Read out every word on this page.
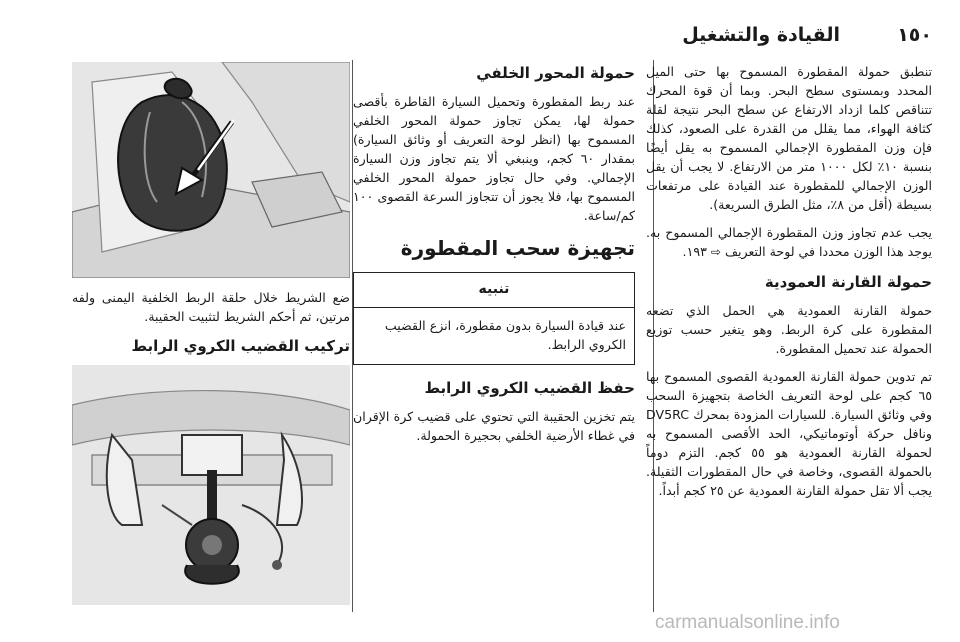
١٥٠
القيادة والتشغيل

تنطبق حمولة المقطورة المسموح بها حتى الميل المحدد وبمستوى سطح البحر. وبما أن قوة المحرك تتناقص كلما ازداد الارتفاع عن سطح البحر نتيجة لقلة كثافة الهواء، مما يقلل من القدرة على الصعود، كذلك فإن وزن المقطورة الإجمالي المسموح به يقل أيضًا بنسبة ١٠٪ لكل ١٠٠٠ متر من الارتفاع. لا يجب أن يقل الوزن الإجمالي للمقطورة عند القيادة على مرتفعات بسيطة (أقل من ٨٪، مثل الطرق السريعة).

يجب عدم تجاوز وزن المقطورة الإجمالي المسموح به. يوجد هذا الوزن محددا في لوحة التعريف ⇨ ١٩٣.

حمولة القارنة العمودية

حمولة القارنة العمودية هي الحمل الذي تضعه المقطورة على كرة الربط. وهو يتغير حسب توزيع الحمولة عند تحميل المقطورة.

تم تدوين حمولة القارنة العمودية القصوى المسموح بها ٦٥ كجم على لوحة التعريف الخاصة بتجهيزة السحب وفي وثائق السيارة. للسيارات المزودة بمحرك DV5RC ونافل حركة أوتوماتيكي، الحد الأقصى المسموح به لحمولة القارنة العمودية هو ٥٥ كجم. التزم دوماً بالحمولة القصوى، وخاصة في حال المقطورات الثقيلة. يجب ألا تقل حمولة القارنة العمودية عن ٢٥ كجم أبداً.

حمولة المحور الخلفي

عند ربط المقطورة وتحميل السيارة القاطرة بأقصى حمولة لها، يمكن تجاوز حمولة المحور الخلفي المسموح بها (انظر لوحة التعريف أو وثائق السيارة) بمقدار ٦٠ كجم، وينبغي ألا يتم تجاوز وزن السيارة الإجمالي. وفي حال تجاوز حمولة المحور الخلفي المسموح بها، فلا يجوز أن تتجاوز السرعة القصوى ١٠٠ كم/ساعة.

تجهيزة سحب المقطورة
تنبيه
عند قيادة السيارة بدون مقطورة، انزع القضيب الكروي الرابط.
حفظ القضيب الكروي الرابط

يتم تخزين الحقيبة التي تحتوي على قضيب كرة الإقران في غطاء الأرضية الخلفي بحجيرة الحمولة.

ضع الشريط خلال حلقة الربط الخلفية اليمنى ولفه مرتين، ثم أحكم الشريط لتثبيت الحقيبة.

تركيب القضيب الكروي الرابط
carmanualsonline.info
